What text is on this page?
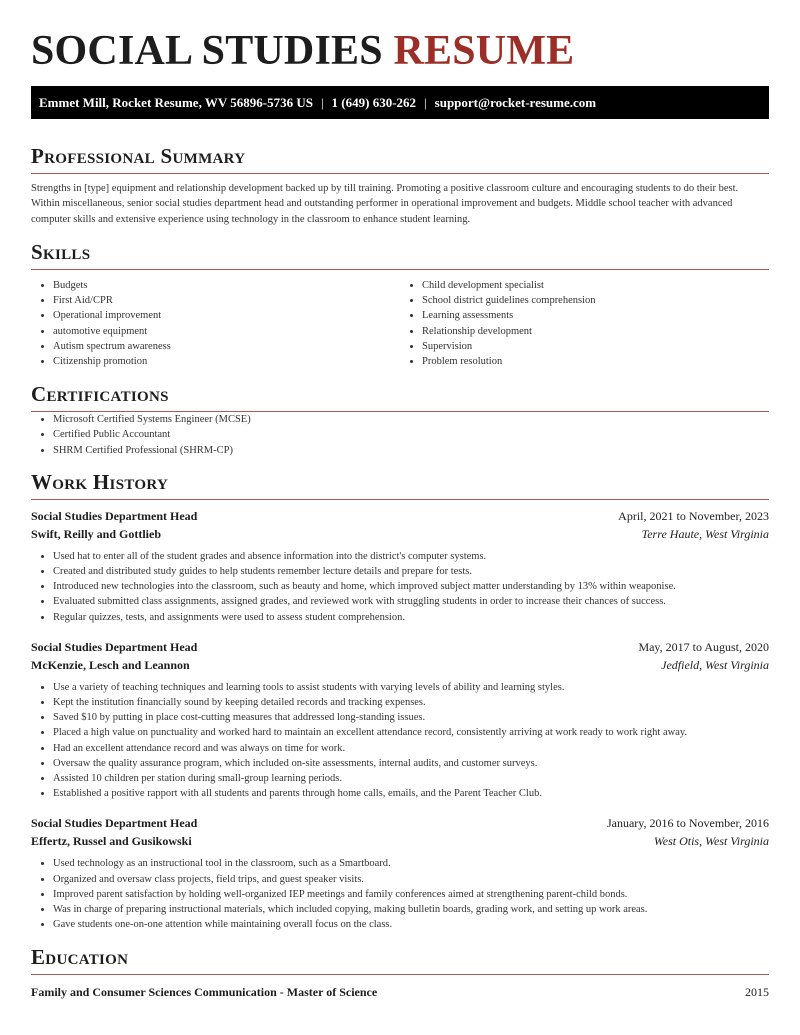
SOCIAL STUDIES RESUME
Emmet Mill, Rocket Resume, WV 56896-5736 US | 1 (649) 630-262 | support@rocket-resume.com
Professional Summary
Strengths in [type] equipment and relationship development backed up by till training. Promoting a positive classroom culture and encouraging students to do their best. Within miscellaneous, senior social studies department head and outstanding performer in operational improvement and budgets. Middle school teacher with advanced computer skills and extensive experience using technology in the classroom to enhance student learning.
Skills
• Budgets
• First Aid/CPR
• Operational improvement
• automotive equipment
• Autism spectrum awareness
• Citizenship promotion
• Child development specialist
• School district guidelines comprehension
• Learning assessments
• Relationship development
• Supervision
• Problem resolution
Certifications
• Microsoft Certified Systems Engineer (MCSE)
• Certified Public Accountant
• SHRM Certified Professional (SHRM-CP)
Work History
Social Studies Department Head	April, 2021 to November, 2023
Swift, Reilly and Gottlieb	Terre Haute, West Virginia
• Used hat to enter all of the student grades and absence information into the district's computer systems.
• Created and distributed study guides to help students remember lecture details and prepare for tests.
• Introduced new technologies into the classroom, such as beauty and home, which improved subject matter understanding by 13% within weaponise.
• Evaluated submitted class assignments, assigned grades, and reviewed work with struggling students in order to increase their chances of success.
• Regular quizzes, tests, and assignments were used to assess student comprehension.
Social Studies Department Head	May, 2017 to August, 2020
McKenzie, Lesch and Leannon	Jedfield, West Virginia
• Use a variety of teaching techniques and learning tools to assist students with varying levels of ability and learning styles.
• Kept the institution financially sound by keeping detailed records and tracking expenses.
• Saved $10 by putting in place cost-cutting measures that addressed long-standing issues.
• Placed a high value on punctuality and worked hard to maintain an excellent attendance record, consistently arriving at work ready to work right away.
• Had an excellent attendance record and was always on time for work.
• Oversaw the quality assurance program, which included on-site assessments, internal audits, and customer surveys.
• Assisted 10 children per station during small-group learning periods.
• Established a positive rapport with all students and parents through home calls, emails, and the Parent Teacher Club.
Social Studies Department Head	January, 2016 to November, 2016
Effertz, Russel and Gusikowski	West Otis, West Virginia
• Used technology as an instructional tool in the classroom, such as a Smartboard.
• Organized and oversaw class projects, field trips, and guest speaker visits.
• Improved parent satisfaction by holding well-organized IEP meetings and family conferences aimed at strengthening parent-child bonds.
• Was in charge of preparing instructional materials, which included copying, making bulletin boards, grading work, and setting up work areas.
• Gave students one-on-one attention while maintaining overall focus on the class.
Education
Family and Consumer Sciences Communication - Master of Science	2015
